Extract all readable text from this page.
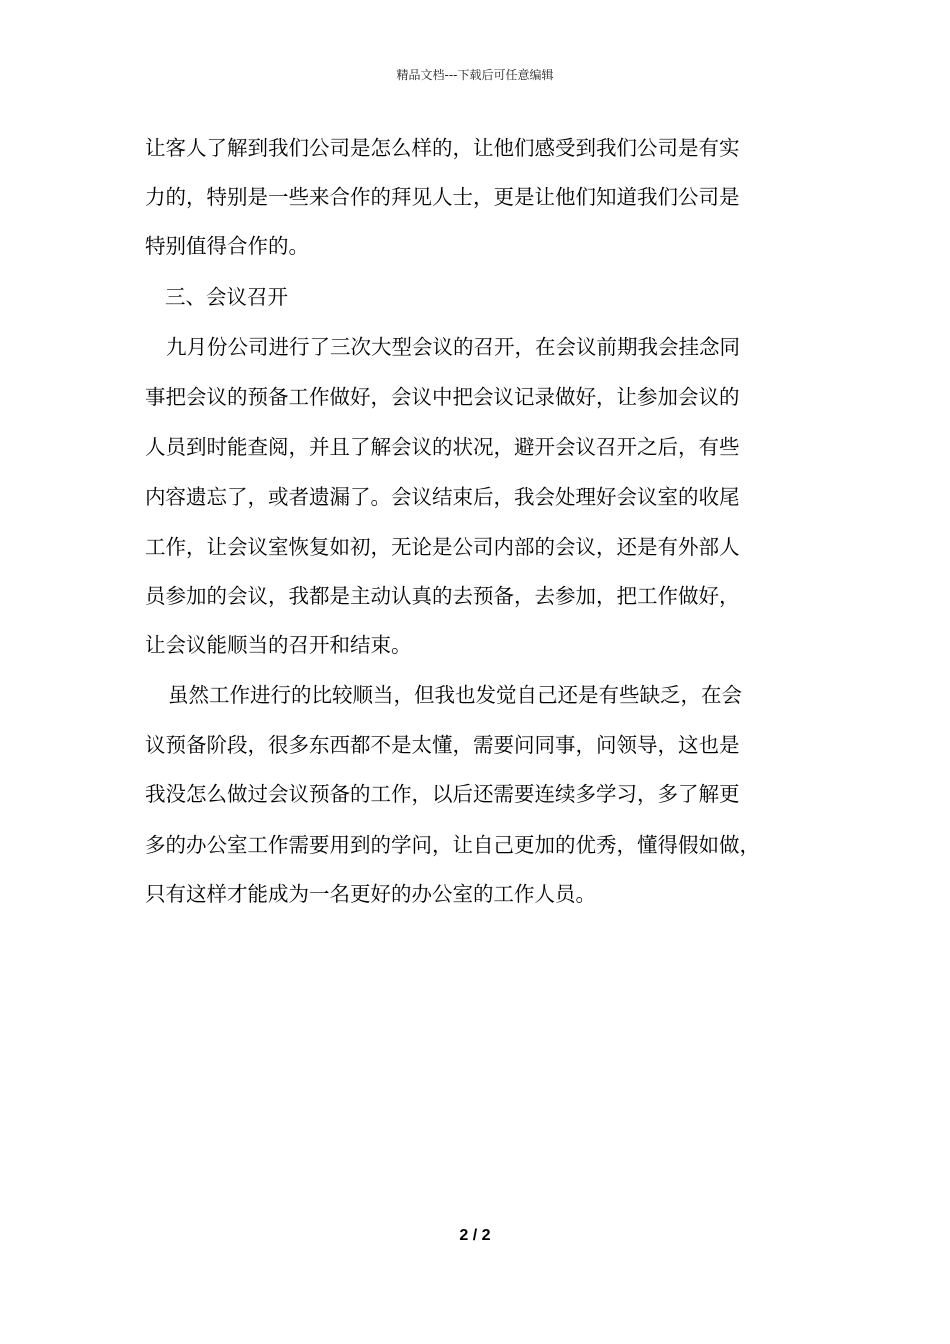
精品文档---下载后可任意编辑
让客人了解到我们公司是怎么样的，让他们感受到我们公司是有实
力的，特别是一些来合作的拜见人士，更是让他们知道我们公司是
特别值得合作的。
三、会议召开
九月份公司进行了三次大型会议的召开，在会议前期我会挂念同
事把会议的预备工作做好，会议中把会议记录做好，让参加会议的
人员到时能查阅，并且了解会议的状况，避开会议召开之后，有些
内容遗忘了，或者遗漏了。会议结束后，我会处理好会议室的收尾
工作，让会议室恢复如初，无论是公司内部的会议，还是有外部人
员参加的会议，我都是主动认真的去预备，去参加，把工作做好，
让会议能顺当的召开和结束。
虽然工作进行的比较顺当，但我也发觉自己还是有些缺乏，在会
议预备阶段，很多东西都不是太懂，需要问同事，问领导，这也是
我没怎么做过会议预备的工作，以后还需要连续多学习，多了解更
多的办公室工作需要用到的学问，让自己更加的优秀，懂得假如做，
只有这样才能成为一名更好的办公室的工作人员。
2 / 2
